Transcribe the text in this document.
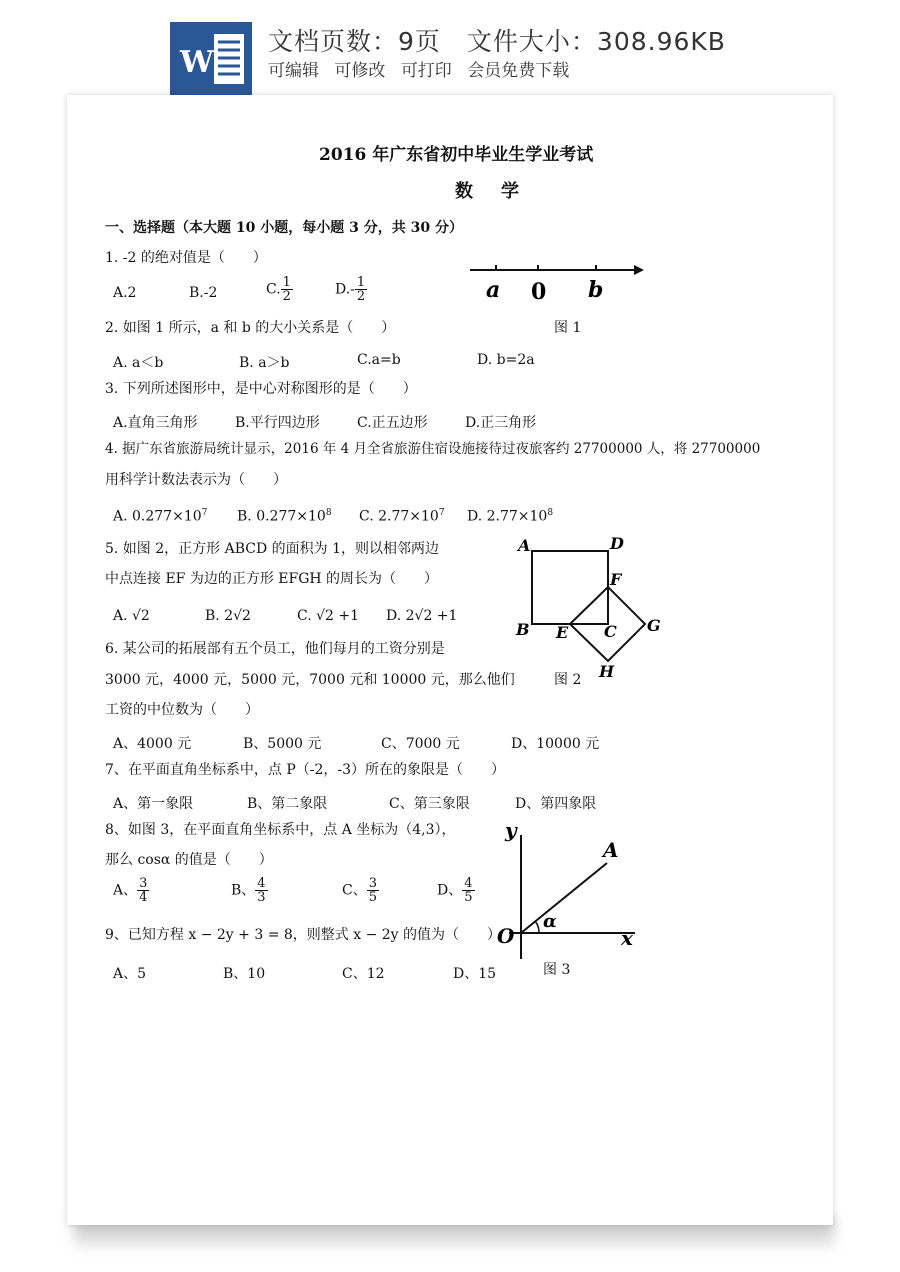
W
文档页数：9页　文件大小：308.96KB
可编辑 可修改 可打印 会员免费下载
2016 年广东省初中毕业生学业考试
数学
一、选择题（本大题 10 小题，每小题 3 分，共 30 分）
1. -2 的绝对值是（　　）
A.2	B.-2	C. $\frac{1}{2}$	$D.- \frac{1}{2}$	a 0 b
图 1
2. 如图 1 所示，a 和 b 的大小关系是（　　）
A. a＜b	B. a＞b	C.a=b	D. b=2a
3. 下列所述图形中，是中心对称图形的是（　　）
A.直角三角形	B.平行四边形	C.正五边形	D.正三角形
4. 据广东省旅游局统计显示，2016 年 4 月全省旅游住宿设施接待过夜旅客约 27700000 人，将 27700000
用科学计数法表示为（　　）
A. $0.277\times 10^7$ B. $0.277\times 10^8$ C. $2.77\times 10^7$ D. $2.77\times 10^8$
5. 如图 2，正方形 ABCD 的面积为 1，则以相邻两边
中点连接 EF 为边的正方形 EFGH 的周长为（　　）
A. √2	B. 2√2	C. √2 +1 D. 2√2 +1
A	D
F
B E C G
H
图 2
6. 某公司的拓展部有五个员工，他们每月的工资分别是
3000 元，4000 元，5000 元，7000 元和 10000 元，那么他们
工资的中位数为（　　）
A、4000 元	B、5000 元	C、7000 元	D、10000 元
7、在平面直角坐标系中，点 P（-2，-3）所在的象限是（　　）
A、第一象限	B、第二象限	C、第三象限	D、第四象限
8、如图 3，在平面直角坐标系中，点 A 坐标为（4,3），
那么 cosα 的值是（　　）
A、 $\frac{3}{4}$	B、 $\frac{4}{3}$	C、 $\frac{3}{5}$	D、 $\frac{4}{5}$
y
A
α
O	x
9、已知方程 x − 2y + 3 = 8，则整式 x − 2y 的值为（　　）
A、5	B、10	C、12	D、15	图 3
